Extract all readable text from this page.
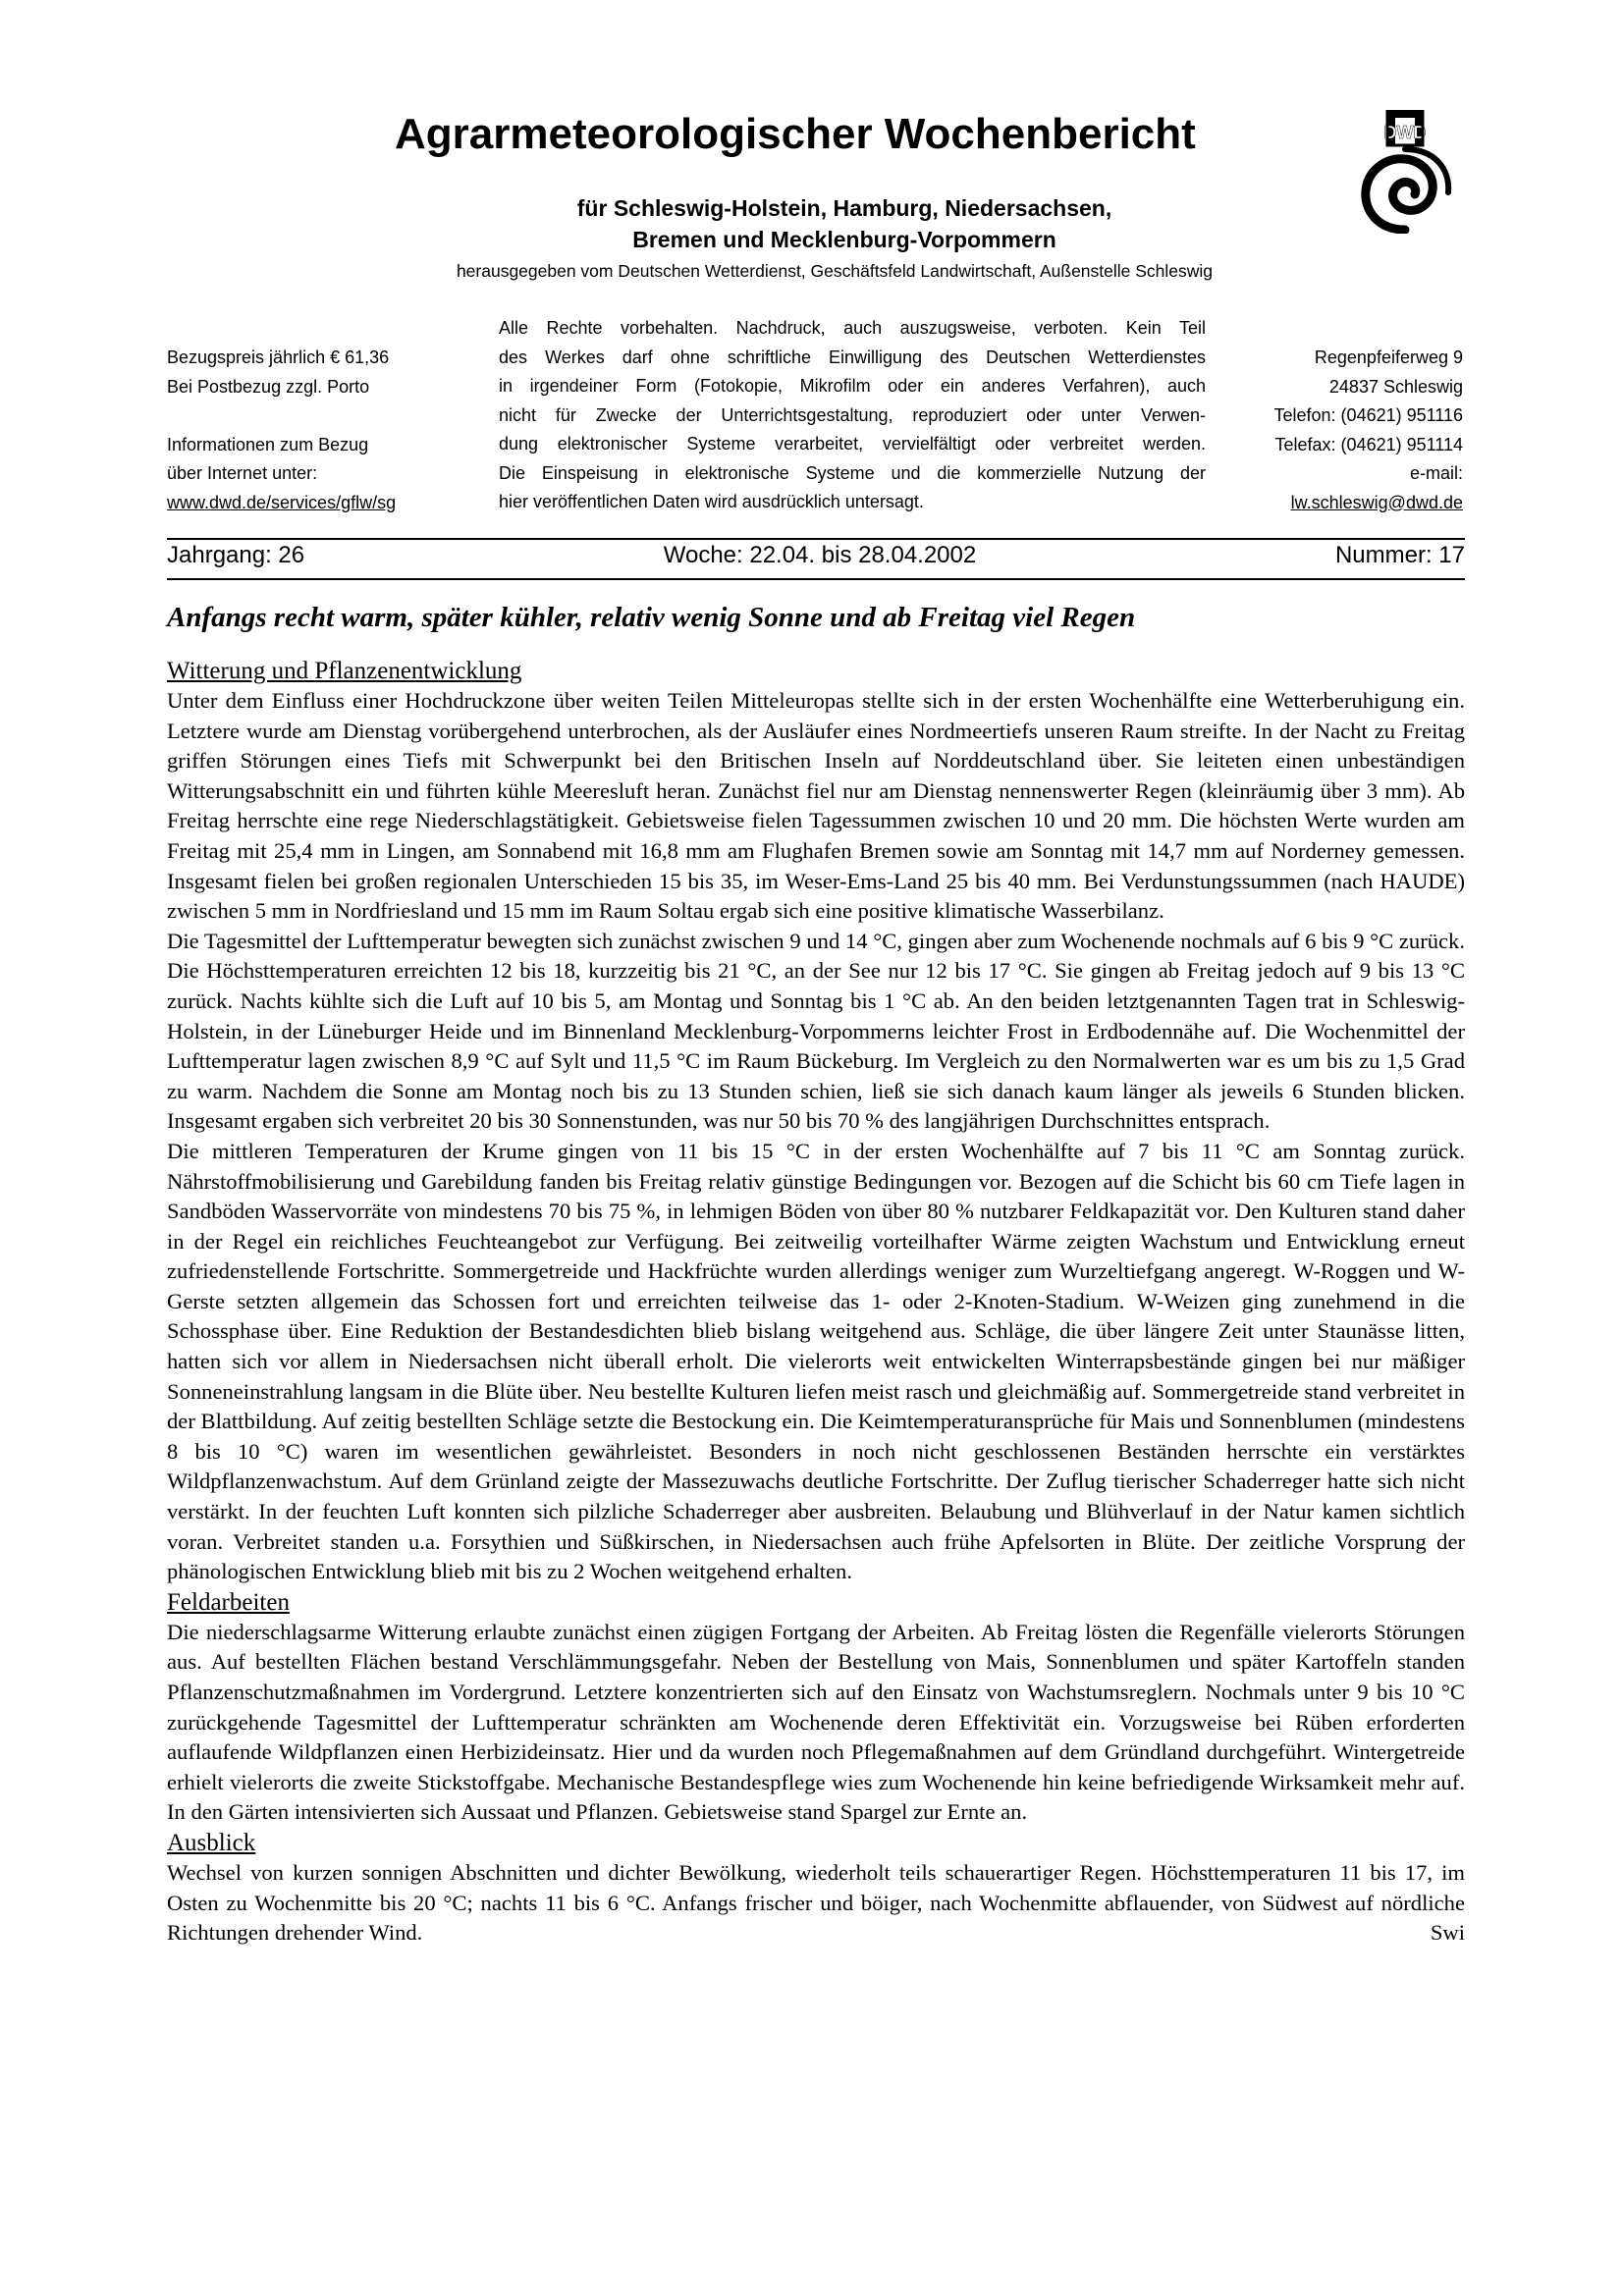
Agrarmeteorologischer Wochenbericht
für Schleswig-Holstein, Hamburg, Niedersachsen,
Bremen und Mecklenburg-Vorpommern
herausgegeben vom Deutschen Wetterdienst, Geschäftsfeld Landwirtschaft, Außenstelle Schleswig
DWD
Bezugspreis jährlich € 61,36
Bei Postbezug zzgl. Porto
Informationen zum Bezug
über Internet unter:
www.dwd.de/services/gflw/sg
Alle Rechte vorbehalten. Nachdruck, auch auszugsweise, verboten. Kein Teil
des Werkes darf ohne schriftliche Einwilligung des Deutschen Wetterdienstes
in irgendeiner Form (Fotokopie, Mikrofilm oder ein anderes Verfahren), auch
nicht für Zwecke der Unterrichtsgestaltung, reproduziert oder unter Verwen-
dung elektronischer Systeme verarbeitet, vervielfältigt oder verbreitet werden.
Die Einspeisung in elektronische Systeme und die kommerzielle Nutzung der
hier veröffentlichen Daten wird ausdrücklich untersagt.
Regenpfeiferweg 9
24837 Schleswig
Telefon: (04621) 951116
Telefax: (04621) 951114
e-mail:
lw.schleswig@dwd.de
Jahrgang: 26	Woche: 22.04. bis 28.04.2002	Nummer: 17
Anfangs recht warm, später kühler, relativ wenig Sonne und ab Freitag viel Regen
Witterung und Pflanzenentwicklung

Unter dem Einfluss einer Hochdruckzone über weiten Teilen Mitteleuropas stellte sich in der ersten Wochenhälfte eine Wetterberuhigung ein. Letztere wurde am Dienstag vorübergehend unterbrochen, als der Ausläufer eines Nordmeertiefs unseren Raum streifte. In der Nacht zu Freitag griffen Störungen eines Tiefs mit Schwerpunkt bei den Britischen Inseln auf Norddeutschland über. Sie leiteten einen unbeständigen Witterungsabschnitt ein und führten kühle Meeresluft heran. Zunächst fiel nur am Dienstag nennenswerter Regen (kleinräumig über 3 mm). Ab Freitag herrschte eine rege Niederschlagstätigkeit. Gebietsweise fielen Tagessummen zwischen 10 und 20 mm. Die höchsten Werte wurden am Freitag mit 25,4 mm in Lingen, am Sonnabend mit 16,8 mm am Flughafen Bremen sowie am Sonntag mit 14,7 mm auf Norderney gemessen. Insgesamt fielen bei großen regionalen Unterschieden 15 bis 35, im Weser-Ems-Land 25 bis 40 mm. Bei Verdunstungssummen (nach HAUDE) zwischen 5 mm in Nordfriesland und 15 mm im Raum Soltau ergab sich eine positive klimatische Wasserbilanz.

Die Tagesmittel der Lufttemperatur bewegten sich zunächst zwischen 9 und 14 °C, gingen aber zum Wochenende nochmals auf 6 bis 9 °C zurück. Die Höchsttemperaturen erreichten 12 bis 18, kurzzeitig bis 21 °C, an der See nur 12 bis 17 °C. Sie gingen ab Freitag jedoch auf 9 bis 13 °C zurück. Nachts kühlte sich die Luft auf 10 bis 5, am Montag und Sonntag bis 1 °C ab. An den beiden letztgenannten Tagen trat in Schleswig-Holstein, in der Lüneburger Heide und im Binnenland Mecklenburg-Vorpommerns leichter Frost in Erdbodennähe auf. Die Wochenmittel der Lufttemperatur lagen zwischen 8,9 °C auf Sylt und 11,5 °C im Raum Bückeburg. Im Vergleich zu den Normalwerten war es um bis zu 1,5 Grad zu warm. Nachdem die Sonne am Montag noch bis zu 13 Stunden schien, ließ sie sich danach kaum länger als jeweils 6 Stunden blicken. Insgesamt ergaben sich verbreitet 20 bis 30 Sonnenstunden, was nur 50 bis 70 % des langjährigen Durchschnittes entsprach.

Die mittleren Temperaturen der Krume gingen von 11 bis 15 °C in der ersten Wochenhälfte auf 7 bis 11 °C am Sonntag zurück. Nährstoffmobilisierung und Garebildung fanden bis Freitag relativ günstige Bedingungen vor. Bezogen auf die Schicht bis 60 cm Tiefe lagen in Sandböden Wasservorräte von mindestens 70 bis 75 %, in lehmigen Böden von über 80 % nutzbarer Feldkapazität vor. Den Kulturen stand daher in der Regel ein reichliches Feuchteangebot zur Verfügung. Bei zeitweilig vorteilhafter Wärme zeigten Wachstum und Entwicklung erneut zufriedenstellende Fortschritte. Sommergetreide und Hackfrüchte wurden allerdings weniger zum Wurzeltiefgang angeregt. W-Roggen und W-Gerste setzten allgemein das Schossen fort und erreichten teilweise das 1- oder 2-Knoten-Stadium. W-Weizen ging zunehmend in die Schossphase über. Eine Reduktion der Bestandesdichten blieb bislang weitgehend aus. Schläge, die über längere Zeit unter Staunässe litten, hatten sich vor allem in Niedersachsen nicht überall erholt. Die vielerorts weit entwickelten Winterrapsbestände gingen bei nur mäßiger Sonneneinstrahlung langsam in die Blüte über. Neu bestellte Kulturen liefen meist rasch und gleichmäßig auf. Sommergetreide stand verbreitet in der Blattbildung. Auf zeitig bestellten Schläge setzte die Bestockung ein. Die Keimtemperaturansprüche für Mais und Sonnenblumen (mindestens 8 bis 10 °C) waren im wesentlichen gewährleistet. Besonders in noch nicht geschlossenen Beständen herrschte ein verstärktes Wildpflanzenwachstum. Auf dem Grünland zeigte der Massezuwachs deutliche Fortschritte. Der Zuflug tierischer Schaderreger hatte sich nicht verstärkt. In der feuchten Luft konnten sich pilzliche Schaderreger aber ausbreiten. Belaubung und Blühverlauf in der Natur kamen sichtlich voran. Verbreitet standen u.a. Forsythien und Süßkirschen, in Niedersachsen auch frühe Apfelsorten in Blüte. Der zeitliche Vorsprung der phänologischen Entwicklung blieb mit bis zu 2 Wochen weitgehend erhalten.

Feldarbeiten

Die niederschlagsarme Witterung erlaubte zunächst einen zügigen Fortgang der Arbeiten. Ab Freitag lösten die Regenfälle vielerorts Störungen aus. Auf bestellten Flächen bestand Verschlämmungsgefahr. Neben der Bestellung von Mais, Sonnenblumen und später Kartoffeln standen Pflanzenschutzmaßnahmen im Vordergrund. Letztere konzentrierten sich auf den Einsatz von Wachstumsreglern. Nochmals unter 9 bis 10 °C zurückgehende Tagesmittel der Lufttemperatur schränkten am Wochenende deren Effektivität ein. Vorzugsweise bei Rüben erforderten auflaufende Wildpflanzen einen Herbizideinsatz. Hier und da wurden noch Pflegemaßnahmen auf dem Gründland durchgeführt. Wintergetreide erhielt vielerorts die zweite Stickstoffgabe. Mechanische Bestandespflege wies zum Wochenende hin keine befriedigende Wirksamkeit mehr auf. In den Gärten intensivierten sich Aussaat und Pflanzen. Gebietsweise stand Spargel zur Ernte an.

Ausblick

Wechsel von kurzen sonnigen Abschnitten und dichter Bewölkung, wiederholt teils schauerartiger Regen. Höchsttemperaturen 11 bis 17, im Osten zu Wochenmitte bis 20 °C; nachts 11 bis 6 °C. Anfangs frischer und böiger, nach Wochenmitte abflauender, von Südwest auf nördliche Richtungen drehender Wind.	Swi
